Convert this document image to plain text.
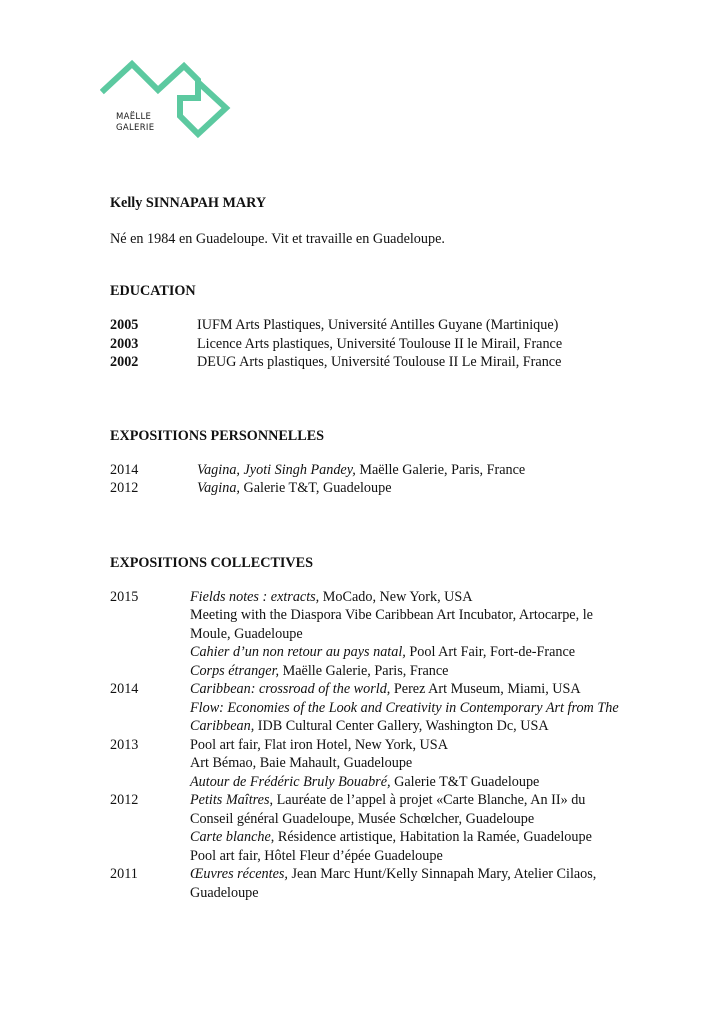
MAËLLE
GALERIE

Kelly SINNAPAH MARY

Né en 1984 en Guadeloupe. Vit et travaille en Guadeloupe.

EDUCATION
2005	IUFM Arts Plastiques, Université Antilles Guyane (Martinique)
2003	Licence Arts plastiques, Université Toulouse II le Mirail, France
2002	DEUG Arts plastiques, Université Toulouse II Le Mirail, France
EXPOSITIONS PERSONNELLES
2014	Vagina, Jyoti Singh Pandey, Maëlle Galerie, Paris, France
2012	Vagina, Galerie T&T, Guadeloupe
EXPOSITIONS COLLECTIVES
2015	Fields notes : extracts, MoCado, New York, USA
Meeting with the Diaspora Vibe Caribbean Art Incubator, Artocarpe, le Moule, Guadeloupe
Cahier d’un non retour au pays natal, Pool Art Fair, Fort-de-France
Corps étranger, Maëlle Galerie, Paris, France
2014	Caribbean: crossroad of the world, Perez Art Museum, Miami, USA
Flow: Economies of the Look and Creativity in Contemporary Art from The Caribbean, IDB Cultural Center Gallery, Washington Dc, USA
2013	Pool art fair, Flat iron Hotel, New York, USA
Art Bémao, Baie Mahault, Guadeloupe
Autour de Frédéric Bruly Bouabré, Galerie T&T Guadeloupe
2012	Petits Maîtres, Lauréate de l’appel à projet «Carte Blanche, An II» du Conseil général Guadeloupe, Musée Schœlcher, Guadeloupe
Carte blanche, Résidence artistique, Habitation la Ramée, Guadeloupe
Pool art fair, Hôtel Fleur d’épée Guadeloupe
2011	Œuvres récentes, Jean Marc Hunt/Kelly Sinnapah Mary, Atelier Cilaos, Guadeloupe
